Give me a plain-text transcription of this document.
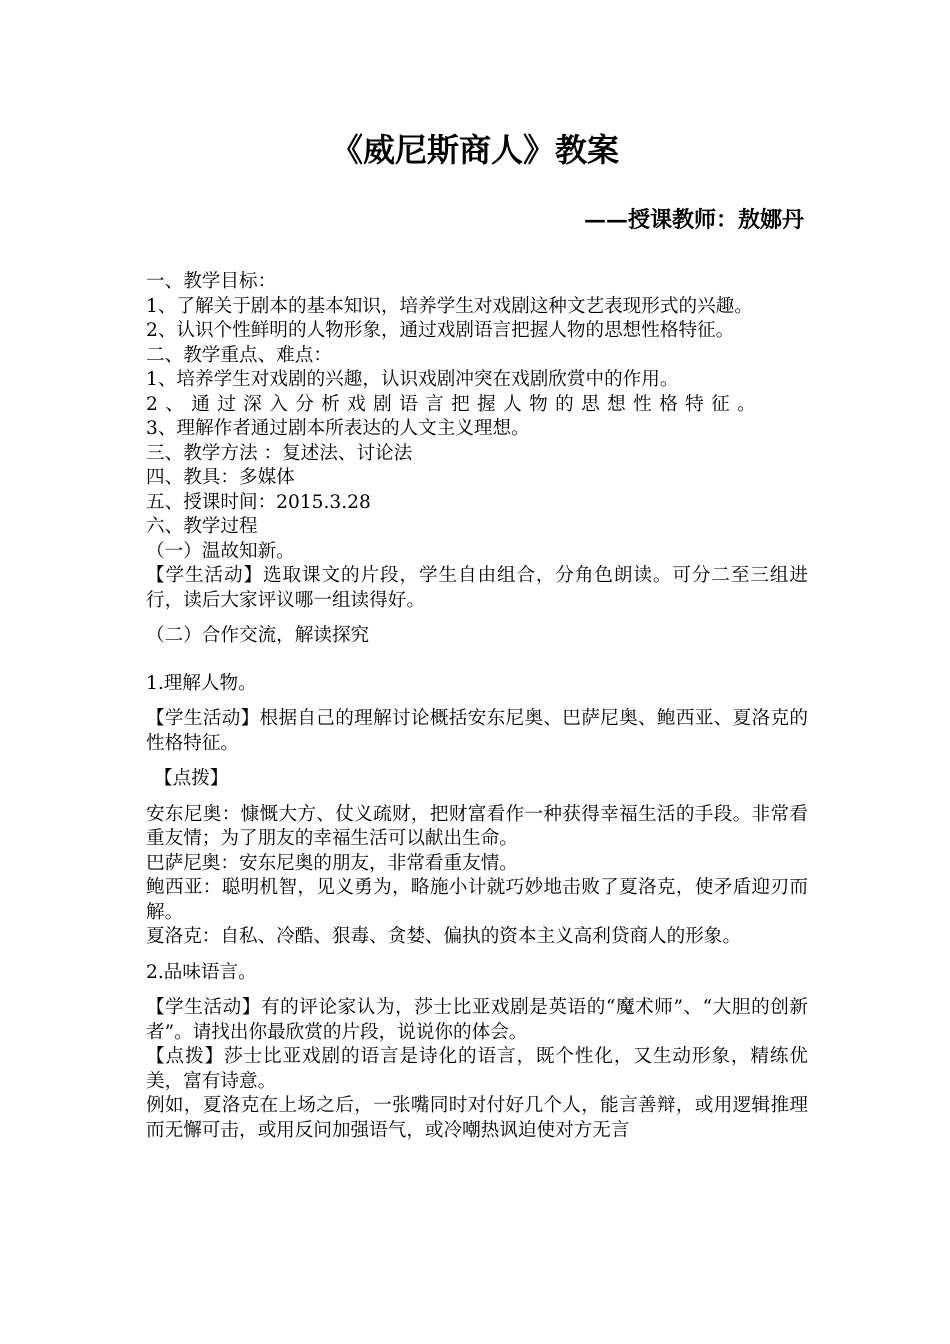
《威尼斯商人》教案
——授课教师：敖娜丹

一、教学目标：

1、了解关于剧本的基本知识，培养学生对戏剧这种文艺表现形式的兴趣。

2、认识个性鲜明的人物形象，通过戏剧语言把握人物的思想性格特征。

二、教学重点、难点：

1、培养学生对戏剧的兴趣，认识戏剧冲突在戏剧欣赏中的作用。

2、通过深入分析戏剧语言把握人物的思想性格特征。

3、理解作者通过剧本所表达的人文主义理想。

三、教学方法 ：复述法、讨论法

四、教具：多媒体

五、授课时间：2015.3.28

六、教学过程

（一）温故知新。

【学生活动】选取课文的片段，学生自由组合，分角色朗读。可分二至三组进行，读后大家评议哪一组读得好。

（二）合作交流，解读探究

1.理解人物。

【学生活动】根据自己的理解讨论概括安东尼奥、巴萨尼奥、鲍西亚、夏洛克的性格特征。

【点拨】

安东尼奥：慷慨大方、仗义疏财，把财富看作一种获得幸福生活的手段。非常看重友情；为了朋友的幸福生活可以献出生命。

巴萨尼奥：安东尼奥的朋友，非常看重友情。

鲍西亚：聪明机智，见义勇为，略施小计就巧妙地击败了夏洛克，使矛盾迎刃而解。

夏洛克：自私、冷酷、狠毒、贪婪、偏执的资本主义高利贷商人的形象。

2.品味语言。

【学生活动】有的评论家认为，莎士比亚戏剧是英语的“魔术师”、“大胆的创新者”。请找出你最欣赏的片段，说说你的体会。

【点拨】莎士比亚戏剧的语言是诗化的语言，既个性化，又生动形象，精练优美，富有诗意。

例如，夏洛克在上场之后，一张嘴同时对付好几个人，能言善辩，或用逻辑推理而无懈可击，或用反问加强语气，或冷嘲热讽迫使对方无言
